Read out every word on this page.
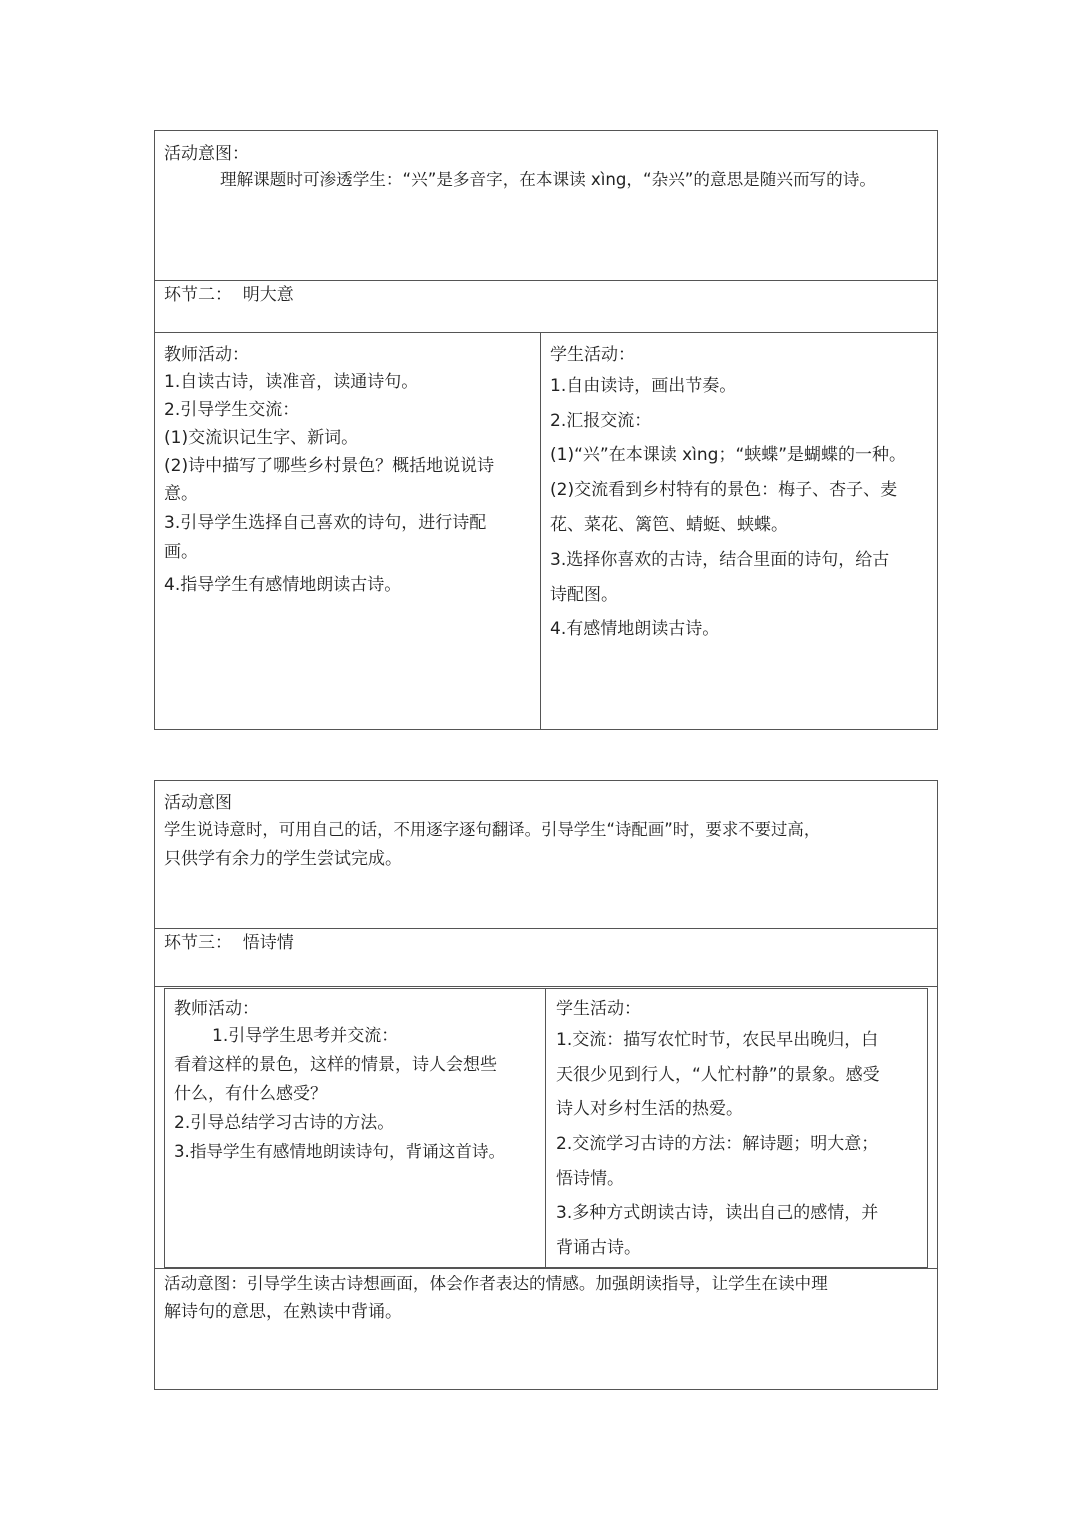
活动意图：
理解课题时可渗透学生：“兴”是多音字，在本课读 xìng，“杂兴”的意思是随兴而写的诗。
环节二：  明大意
教师活动：
1.自读古诗，读准音，读通诗句。
2.引导学生交流：
(1)交流识记生字、新词。
(2)诗中描写了哪些乡村景色？概括地说说诗
意。
3.引导学生选择自己喜欢的诗句，进行诗配
画。
4.指导学生有感情地朗读古诗。
学生活动：
1.自由读诗，画出节奏。
2.汇报交流：
(1)“兴”在本课读 xìng；“蛱蝶”是蝴蝶的一种。
(2)交流看到乡村特有的景色：梅子、杏子、麦
花、菜花、篱笆、蜻蜓、蛱蝶。
3.选择你喜欢的古诗，结合里面的诗句，给古
诗配图。
4.有感情地朗读古诗。
活动意图
学生说诗意时，可用自己的话，不用逐字逐句翻译。引导学生“诗配画”时，要求不要过高，
只供学有余力的学生尝试完成。
环节三：  悟诗情
教师活动：
1.引导学生思考并交流：
看着这样的景色，这样的情景，诗人会想些
什么，有什么感受？
2.引导总结学习古诗的方法。
3.指导学生有感情地朗读诗句，背诵这首诗。
学生活动：
1.交流：描写农忙时节，农民早出晚归，白
天很少见到行人，“人忙村静”的景象。感受
诗人对乡村生活的热爱。
2.交流学习古诗的方法：解诗题；明大意；
悟诗情。
3.多种方式朗读古诗，读出自己的感情，并
背诵古诗。
活动意图：引导学生读古诗想画面，体会作者表达的情感。加强朗读指导，让学生在读中理
解诗句的意思，在熟读中背诵。
